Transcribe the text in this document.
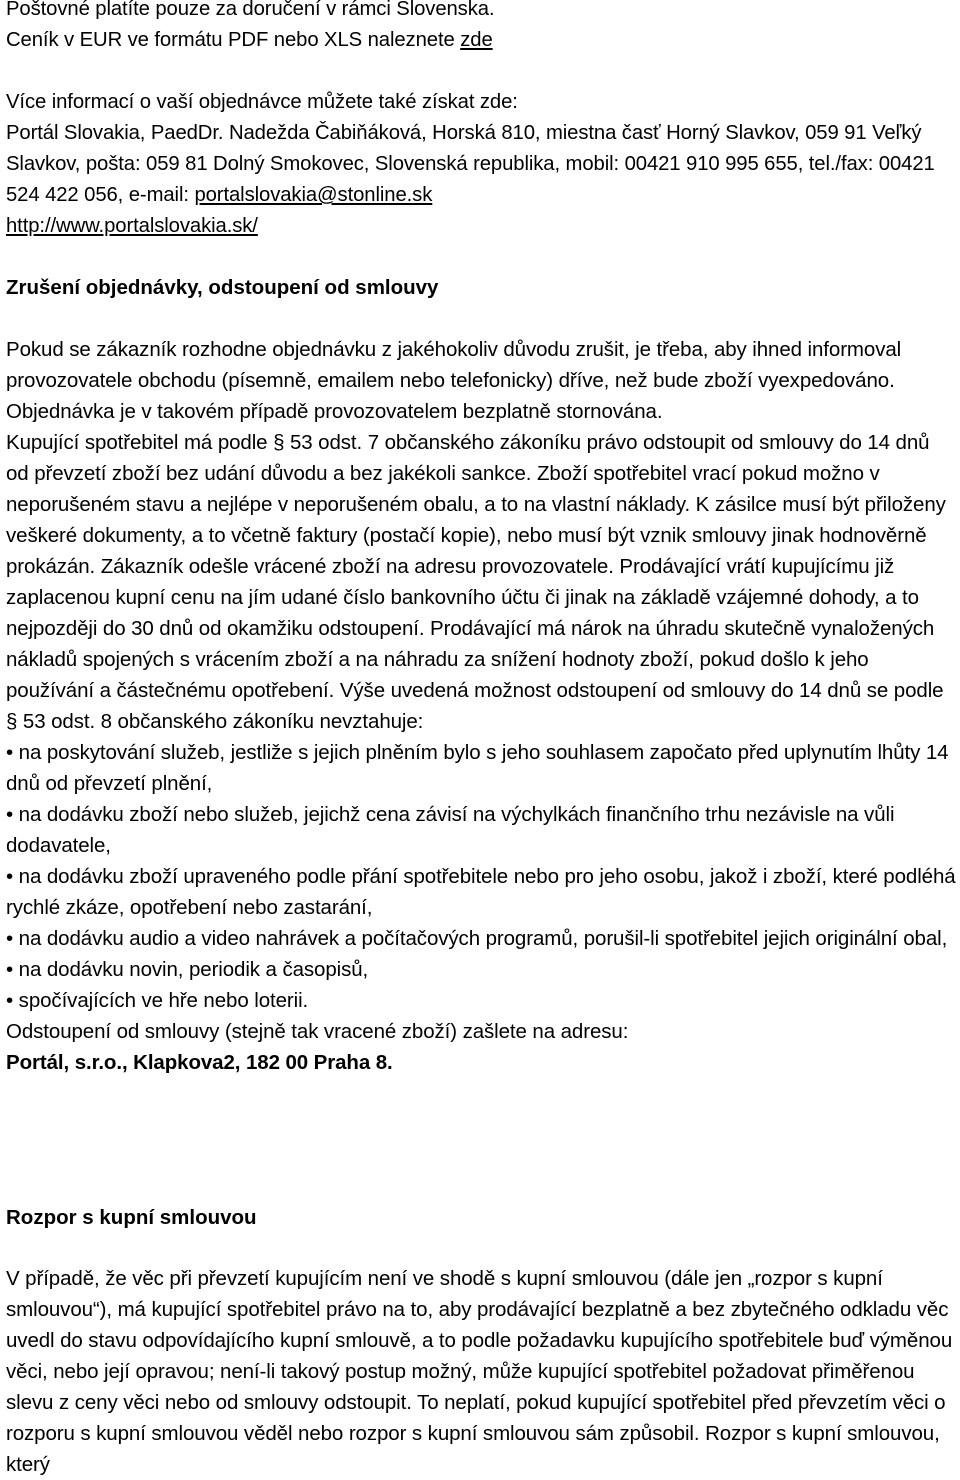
Poštovné platíte pouze za doručení v rámci Slovenska.

Ceník v EUR ve formátu PDF nebo XLS naleznete zde

Více informací o vaší objednávce můžete také získat zde:

Portál Slovakia, PaedDr. Nadežda Čabiňáková, Horská 810, miestna časť Horný Slavkov, 059 91 Veľký Slavkov, pošta: 059 81 Dolný Smokovec, Slovenská republika, mobil: 00421 910 995 655, tel./fax: 00421 524 422 056, e-mail: portalslovakia@stonline.sk

http://www.portalslovakia.sk/

Zrušení objednávky, odstoupení od smlouvy

Pokud se zákazník rozhodne objednávku z jakéhokoliv důvodu zrušit, je třeba, aby ihned informoval provozovatele obchodu (písemně, emailem nebo telefonicky) dříve, než bude zboží vyexpedováno. Objednávka je v takovém případě provozovatelem bezplatně stornována.

Kupující spotřebitel má podle § 53 odst. 7 občanského zákoníku právo odstoupit od smlouvy do 14 dnů od převzetí zboží bez udání důvodu a bez jakékoli sankce. Zboží spotřebitel vrací pokud možno v neporušeném stavu a nejlépe v neporušeném obalu, a to na vlastní náklady. K zásilce musí být přiloženy veškeré dokumenty, a to včetně faktury (postačí kopie), nebo musí být vznik smlouvy jinak hodnověrně prokázán. Zákazník odešle vrácené zboží na adresu provozovatele. Prodávající vrátí kupujícímu již zaplacenou kupní cenu na jím udané číslo bankovního účtu či jinak na základě vzájemné dohody, a to nejpozději do 30 dnů od okamžiku odstoupení. Prodávající má nárok na úhradu skutečně vynaložených nákladů spojených s vrácením zboží a na náhradu za snížení hodnoty zboží, pokud došlo k jeho používání a částečnému opotřebení. Výše uvedená možnost odstoupení od smlouvy do 14 dnů se podle § 53 odst. 8 občanského zákoníku nevztahuje:

• na poskytování služeb, jestliže s jejich plněním bylo s jeho souhlasem započato před uplynutím lhůty 14 dnů od převzetí plnění,

• na dodávku zboží nebo služeb, jejichž cena závisí na výchylkách finančního trhu nezávisle na vůli dodavatele,

• na dodávku zboží upraveného podle přání spotřebitele nebo pro jeho osobu, jakož i zboží, které podléhá rychlé zkáze, opotřebení nebo zastarání,

• na dodávku audio a video nahrávek a počítačových programů, porušil-li spotřebitel jejich originální obal,

• na dodávku novin, periodik a časopisů,

• spočívajících ve hře nebo loterii.

Odstoupení od smlouvy (stejně tak vracené zboží) zašlete na adresu:

Portál, s.r.o., Klapkova2, 182 00 Praha 8.

Rozpor s kupní smlouvou

V případě, že věc při převzetí kupujícím není ve shodě s kupní smlouvou (dále jen „rozpor s kupní smlouvou“), má kupující spotřebitel právo na to, aby prodávající bezplatně a bez zbytečného odkladu věc uvedl do stavu odpovídajícího kupní smlouvě, a to podle požadavku kupujícího spotřebitele buď výměnou věci, nebo její opravou; není-li takový postup možný, může kupující spotřebitel požadovat přiměřenou slevu z ceny věci nebo od smlouvy odstoupit. To neplatí, pokud kupující spotřebitel před převzetím věci o rozporu s kupní smlouvou věděl nebo rozpor s kupní smlouvou sám způsobil. Rozpor s kupní smlouvou, který
